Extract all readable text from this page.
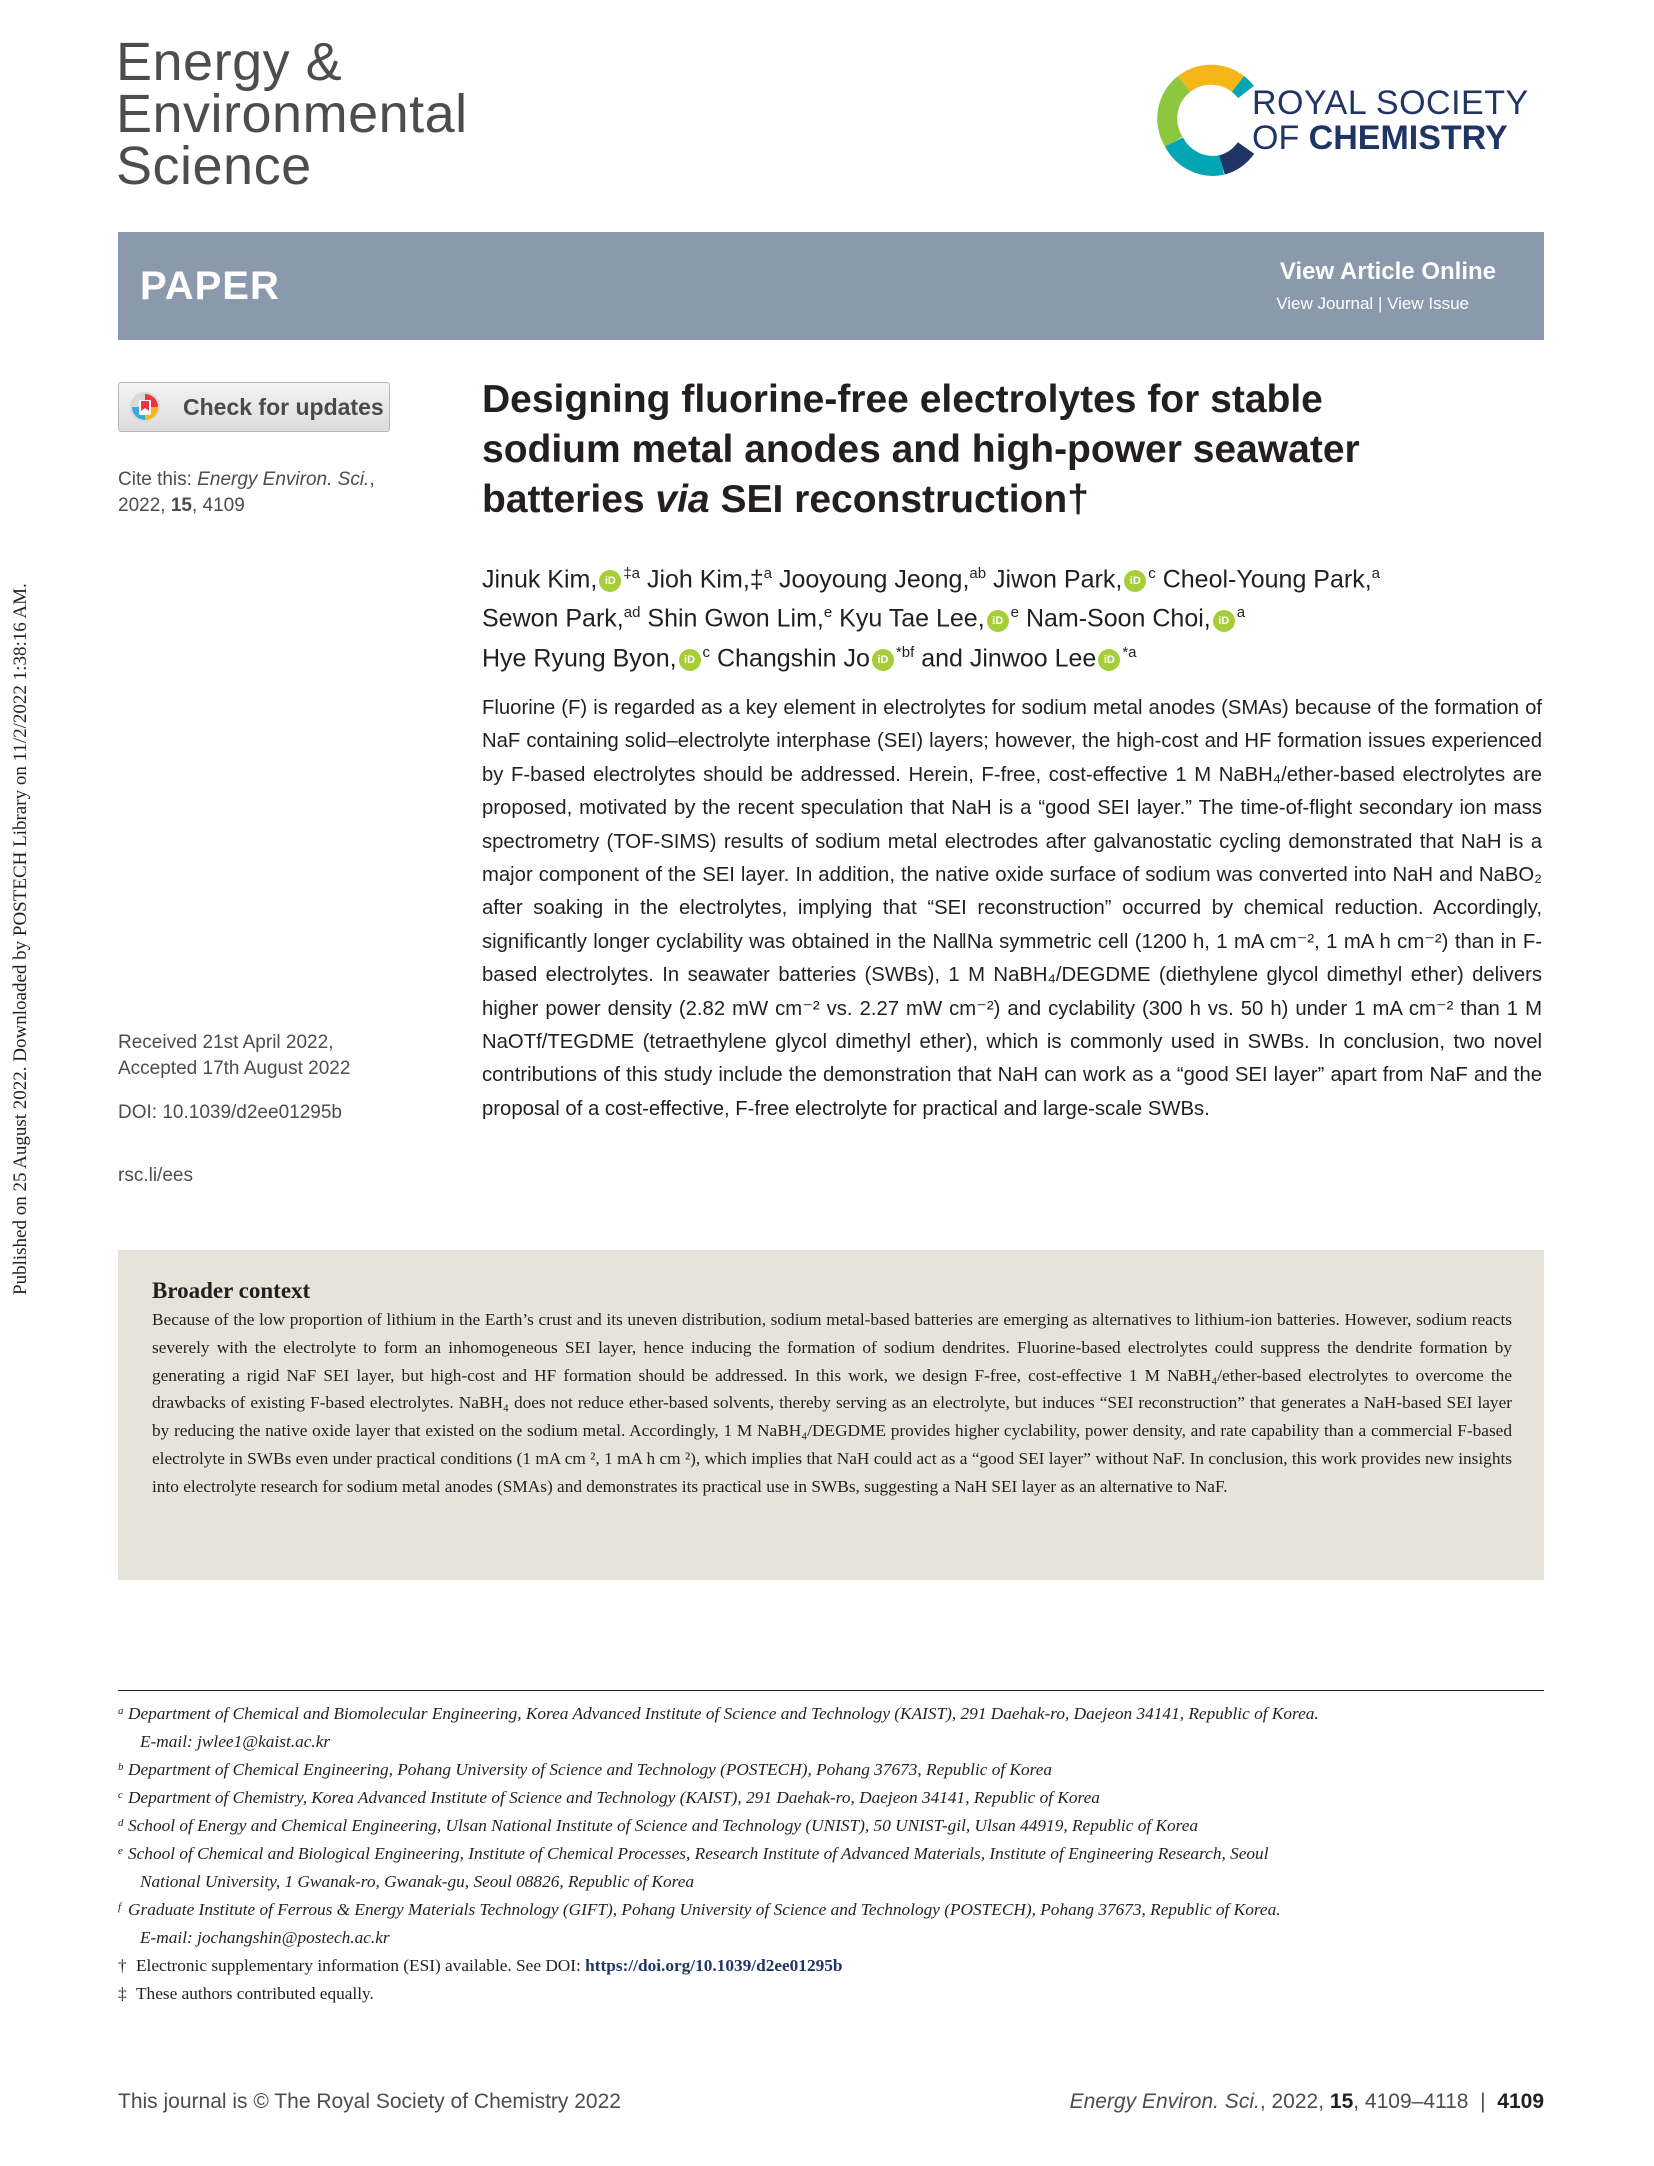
Published on 25 August 2022. Downloaded by POSTECH Library on 11/2/2022 1:38:16 AM.
Energy &
Environmental
Science
ROYAL SOCIETY
OF CHEMISTRY
PAPER	View Article Online
View Journal | View Issue
Check for updates
Cite this: Energy Environ. Sci.,
2022, 15, 4109
Received 21st April 2022,
Accepted 17th August 2022
DOI: 10.1039/d2ee01295b
rsc.li/ees
Designing fluorine-free electrolytes for stable
sodium metal anodes and high-power seawater
batteries via SEI reconstruction†
Jinuk Kim, iD $^{\ddagger a}$ Jioh Kim,‡$^a$ Jooyoung Jeong,$^{ab}$ Jiwon Park, iD $^c$ Cheol-Young Park,$^a$
Sewon Park,$^{ad}$ Shin Gwon Lim,$^e$ Kyu Tae Lee, iD $^e$ Nam-Soon Choi, iD $^a$
Hye Ryung Byon, iD $^c$ Changshin Jo iD $^{*bf}$ and Jinwoo Lee iD $^{*a}$
Fluorine (F) is regarded as a key element in electrolytes for sodium metal anodes (SMAs) because of the formation of NaF containing solid–electrolyte interphase (SEI) layers; however, the high-cost and HF formation issues experienced by F-based electrolytes should be addressed. Herein, F-free, cost-effective 1 M NaBH₄/ether-based electrolytes are proposed, motivated by the recent speculation that NaH is a “good SEI layer.” The time-of-flight secondary ion mass spectrometry (TOF-SIMS) results of sodium metal electrodes after galvanostatic cycling demonstrated that NaH is a major component of the SEI layer. In addition, the native oxide surface of sodium was converted into NaH and NaBO₂ after soaking in the electrolytes, implying that “SEI reconstruction” occurred by chemical reduction. Accordingly, significantly longer cyclability was obtained in the Na‖Na symmetric cell (1200 h, 1 mA cm⁻², 1 mA h cm⁻²) than in F-based electrolytes. In seawater batteries (SWBs), 1 M NaBH₄/DEGDME (diethylene glycol dimethyl ether) delivers higher power density (2.82 mW cm⁻² vs. 2.27 mW cm⁻²) and cyclability (300 h vs. 50 h) under 1 mA cm⁻² than 1 M NaOTf/TEGDME (tetraethylene glycol dimethyl ether), which is commonly used in SWBs. In conclusion, two novel contributions of this study include the demonstration that NaH can work as a “good SEI layer” apart from NaF and the proposal of a cost-effective, F-free electrolyte for practical and large-scale SWBs.
Broader context
Because of the low proportion of lithium in the Earth’s crust and its uneven distribution, sodium metal-based batteries are emerging as alternatives to lithium-ion batteries. However, sodium reacts severely with the electrolyte to form an inhomogeneous SEI layer, hence inducing the formation of sodium dendrites. Fluorine-based electrolytes could suppress the dendrite formation by generating a rigid NaF SEI layer, but high-cost and HF formation should be addressed. In this work, we design F-free, cost-effective 1 M NaBH₄/ether-based electrolytes to overcome the drawbacks of existing F-based electrolytes. NaBH₄ does not reduce ether-based solvents, thereby serving as an electrolyte, but induces “SEI reconstruction” that generates a NaH-based SEI layer by reducing the native oxide layer that existed on the sodium metal. Accordingly, 1 M NaBH₄/DEGDME provides higher cyclability, power density, and rate capability than a commercial F-based electrolyte in SWBs even under practical conditions (1 mA cm ², 1 mA h cm ²), which implies that NaH could act as a “good SEI layer” without NaF. In conclusion, this work provides new insights into electrolyte research for sodium metal anodes (SMAs) and demonstrates its practical use in SWBs, suggesting a NaH SEI layer as an alternative to NaF.
a Department of Chemical and Biomolecular Engineering, Korea Advanced Institute of Science and Technology (KAIST), 291 Daehak-ro, Daejeon 34141, Republic of Korea.
E-mail: jwlee1@kaist.ac.kr
b Department of Chemical Engineering, Pohang University of Science and Technology (POSTECH), Pohang 37673, Republic of Korea
c Department of Chemistry, Korea Advanced Institute of Science and Technology (KAIST), 291 Daehak-ro, Daejeon 34141, Republic of Korea
d School of Energy and Chemical Engineering, Ulsan National Institute of Science and Technology (UNIST), 50 UNIST-gil, Ulsan 44919, Republic of Korea
e School of Chemical and Biological Engineering, Institute of Chemical Processes, Research Institute of Advanced Materials, Institute of Engineering Research, Seoul
National University, 1 Gwanak-ro, Gwanak-gu, Seoul 08826, Republic of Korea
f Graduate Institute of Ferrous & Energy Materials Technology (GIFT), Pohang University of Science and Technology (POSTECH), Pohang 37673, Republic of Korea.
E-mail: jochangshin@postech.ac.kr
† Electronic supplementary information (ESI) available. See DOI: https://doi.org/10.1039/d2ee01295b
‡ These authors contributed equally.
This journal is © The Royal Society of Chemistry 2022	Energy Environ. Sci., 2022, 15, 4109–4118  |  4109
